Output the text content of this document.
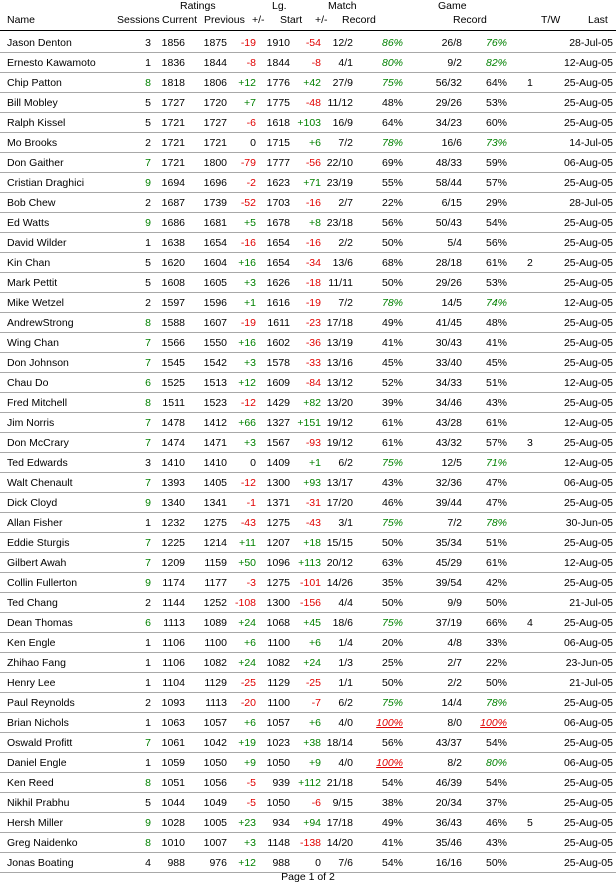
Ratings	Lg.	Match	Game
Name	Sessions Current Previous +/- Start +/- Record	Record	T/W	Last
Jason Denton	3	1856	1875	-19	1910	-54	12/2	86%	26/8	76%	28-Jul-05
Ernesto Kawamoto	1	1836	1844	-8	1844	-8	4/1	80%	9/2	82%	12-Aug-05
Chip Patton	8	1818	1806	+12	1776	+42	27/9	75%	56/32	64% 1	25-Aug-05
Bill Mobley	5	1727	1720	+7	1775	-48 11/12	48%	29/26	53%	25-Aug-05
Ralph Kissel	5	1721	1727	-6	1618 +103	16/9	64%	34/23	60%	25-Aug-05
Mo Brooks	2	1721	1721	0	1715	+6	7/2	78%	16/6	73%	14-Jul-05
Don Gaither	7	1721	1800	-79	1777	-56 22/10	69%	48/33	59%	06-Aug-05
Cristian Draghici	9	1694	1696	-2	1623	+71 23/19	55%	58/44	57%	25-Aug-05
Bob Chew	2	1687	1739	-52	1703	-16	2/7	22%	6/15	29%	28-Jul-05
Ed Watts	9	1686	1681	+5	1678	+8 23/18	56%	50/43	54%	25-Aug-05
David Wilder	1	1638	1654	-16	1654	-16	2/2	50%	5/4	56%	25-Aug-05
Kin Chan	5	1620	1604	+16	1654	-34	13/6	68%	28/18	61% 2	25-Aug-05
Mark Pettit	5	1608	1605	+3	1626	-18 11/11	50%	29/26	53%	25-Aug-05
Mike Wetzel	2	1597	1596	+1	1616	-19	7/2	78%	14/5	74%	12-Aug-05
AndrewStrong	8	1588	1607	-19	1611	-23 17/18	49%	41/45	48%	25-Aug-05
Wing Chan	7	1566	1550	+16	1602	-36 13/19	41%	30/43	41%	25-Aug-05
Don Johnson	7	1545	1542	+3	1578	-33 13/16	45%	33/40	45%	25-Aug-05
Chau Do	6	1525	1513	+12	1609	-84 13/12	52%	34/33	51%	12-Aug-05
Fred Mitchell	8	1511	1523	-12	1429	+82 13/20	39%	34/46	43%	25-Aug-05
Jim Norris	7	1478	1412	+66	1327 +151 19/12	61%	43/28	61%	12-Aug-05
Don McCrary	7	1474	1471	+3	1567	-93 19/12	61%	43/32	57% 3	25-Aug-05
Ted Edwards	3	1410	1410	0	1409	+1	6/2	75%	12/5	71%	12-Aug-05
Walt Chenault	7	1393	1405	-12	1300	+93 13/17	43%	32/36	47%	06-Aug-05
Dick Cloyd	9	1340	1341	-1	1371	-31 17/20	46%	39/44	47%	25-Aug-05
Allan Fisher	1	1232	1275	-43	1275	-43	3/1	75%	7/2	78%	30-Jun-05
Eddie Sturgis	7	1225	1214	+11	1207	+18 15/15	50%	35/34	51%	25-Aug-05
Gilbert Awah	7	1209	1159	+50	1096 +113 20/12	63%	45/29	61%	12-Aug-05
Collin Fullerton	9	1174	1177	-3	1275 -101 14/26	35%	39/54	42%	25-Aug-05
Ted Chang	2	1144	1252 -108	1300 -156	4/4	50%	9/9	50%	21-Jul-05
Dean Thomas	6	1113	1089	+24	1068	+45	18/6	75%	37/19	66% 4	25-Aug-05
Ken Engle	1	1106	1100	+6	1100	+6	1/4	20%	4/8	33%	06-Aug-05
Zhihao Fang	1	1106	1082	+24	1082	+24	1/3	25%	2/7	22%	23-Jun-05
Henry Lee	1	1104	1129	-25	1129	-25	1/1	50%	2/2	50%	21-Jul-05
Paul Reynolds	2	1093	1113	-20	1100	-7	6/2	75%	14/4	78%	25-Aug-05
Brian Nichols	1	1063	1057	+6	1057	+6	4/0	100%	8/0	100%	06-Aug-05
Oswald Profitt	7	1061	1042	+19	1023	+38 18/14	56%	43/37	54%	25-Aug-05
Daniel Engle	1	1059	1050	+9	1050	+9	4/0	100%	8/2	80%	06-Aug-05
Ken Reed	8	1051	1056	-5	939 +112 21/18	54%	46/39	54%	25-Aug-05
Nikhil Prabhu	5	1044	1049	-5	1050	-6	9/15	38%	20/34	37%	25-Aug-05
Hersh Miller	9	1028	1005	+23	934	+94 17/18	49%	36/43	46% 5	25-Aug-05
Greg Naidenko	8	1010	1007	+3	1148 -138 14/20	41%	35/46	43%	25-Aug-05
Jonas Boating	4	988	976	+12	988	0	7/6	54%	16/16	50%	25-Aug-05
Page 1 of 2
